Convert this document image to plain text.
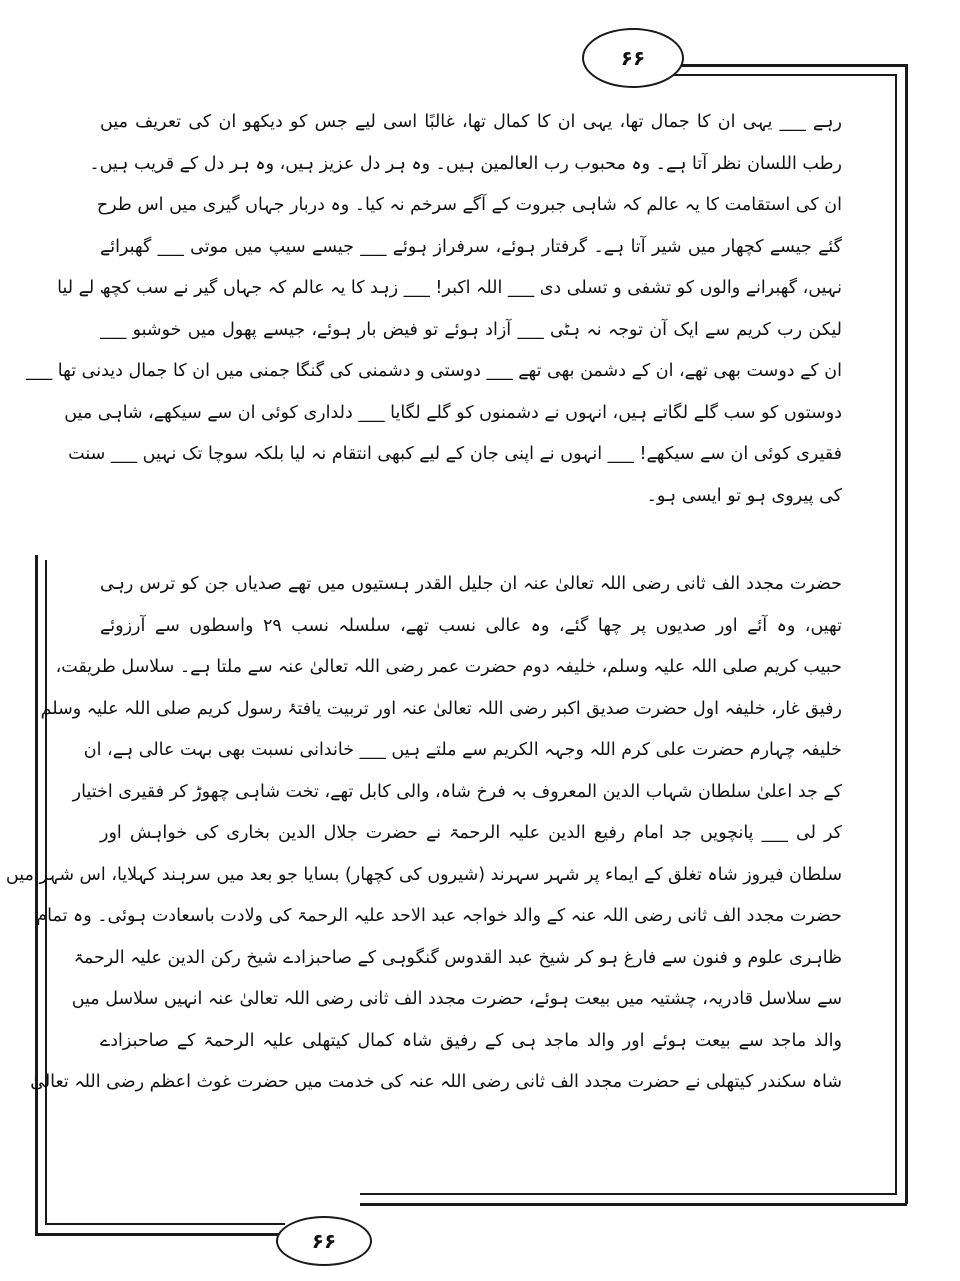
۶۶
۶۶
رہے ___ یہی ان کا جمال تھا، یہی ان کا کمال تھا، غالبًا اسی لیے جس کو دیکھو ان کی تعریف میں
رطب اللسان نظر آتا ہے۔ وہ محبوب رب العالمین ہیں۔ وہ ہر دل عزیز ہیں، وہ ہر دل کے قریب ہیں۔
ان کی استقامت کا یہ عالم کہ شاہی جبروت کے آگے سرخم نہ کیا۔ وہ دربار جہاں گیری میں اس طرح
گئے جیسے کچھار میں شیر آتا ہے۔ گرفتار ہوئے، سرفراز ہوئے ___ جیسے سیپ میں موتی ___ گھبرائے
نہیں، گھبرانے والوں کو تشفی و تسلی دی ___ اللہ اکبر! ___ زہد کا یہ عالم کہ جہاں گیر نے سب کچھ لے لیا
لیکن رب کریم سے ایک آن توجہ نہ ہٹی ___ آزاد ہوئے تو فیض بار ہوئے، جیسے پھول میں خوشبو ___
ان کے دوست بھی تھے، ان کے دشمن بھی تھے ___ دوستی و دشمنی کی گنگا جمنی میں ان کا جمال دیدنی تھا ___
دوستوں کو سب گلے لگاتے ہیں، انہوں نے دشمنوں کو گلے لگایا ___ دلداری کوئی ان سے سیکھے، شاہی میں
فقیری کوئی ان سے سیکھے! ___ انہوں نے اپنی جان کے لیے کبھی انتقام نہ لیا بلکہ سوچا تک نہیں ___ سنت
کی پیروی ہو تو ایسی ہو۔
حضرت مجدد الف ثانی رضی اللہ تعالیٰ عنہ ان جلیل القدر ہستیوں میں تھے صدیاں جن کو ترس رہی
تھیں، وہ آئے اور صدیوں پر چھا گئے، وہ عالی نسب تھے، سلسلہ نسب ۲۹ واسطوں سے آرزوئے
حبیب کریم صلی اللہ علیہ وسلم، خلیفہ دوم حضرت عمر رضی اللہ تعالیٰ عنہ سے ملتا ہے۔ سلاسل طریقت،
رفیق غار، خلیفہ اول حضرت صدیق اکبر رضی اللہ تعالیٰ عنہ اور تربیت یافتۂ رسول کریم صلی اللہ علیہ وسلم
خلیفہ چہارم حضرت علی کرم اللہ وجہہ الکریم سے ملتے ہیں ___ خاندانی نسبت بھی بہت عالی ہے، ان
کے جد اعلیٰ سلطان شہاب الدین المعروف بہ فرخ شاہ، والی کابل تھے، تخت شاہی چھوڑ کر فقیری اختیار
کر لی ___ پانچویں جد امام رفیع الدین علیہ الرحمۃ نے حضرت جلال الدین بخاری کی خواہش اور
سلطان فیروز شاہ تغلق کے ایماء پر شہر سہرند (شیروں کی کچھار) بسایا جو بعد میں سرہند کہلایا، اس شہر میں
حضرت مجدد الف ثانی رضی اللہ عنہ کے والد خواجہ عبد الاحد علیہ الرحمۃ کی ولادت باسعادت ہوئی۔ وہ تمام
ظاہری علوم و فنون سے فارغ ہو کر شیخ عبد القدوس گنگوہی کے صاحبزادے شیخ رکن الدین علیہ الرحمۃ
سے سلاسل قادریہ، چشتیہ میں بیعت ہوئے، حضرت مجدد الف ثانی رضی اللہ تعالیٰ عنہ انہیں سلاسل میں
والد ماجد سے بیعت ہوئے اور والد ماجد ہی کے رفیق شاہ کمال کیتھلی علیہ الرحمۃ کے صاحبزادے
شاہ سکندر کیتھلی نے حضرت مجدد الف ثانی رضی اللہ عنہ کی خدمت میں حضرت غوث اعظم رضی اللہ تعالیٰ
